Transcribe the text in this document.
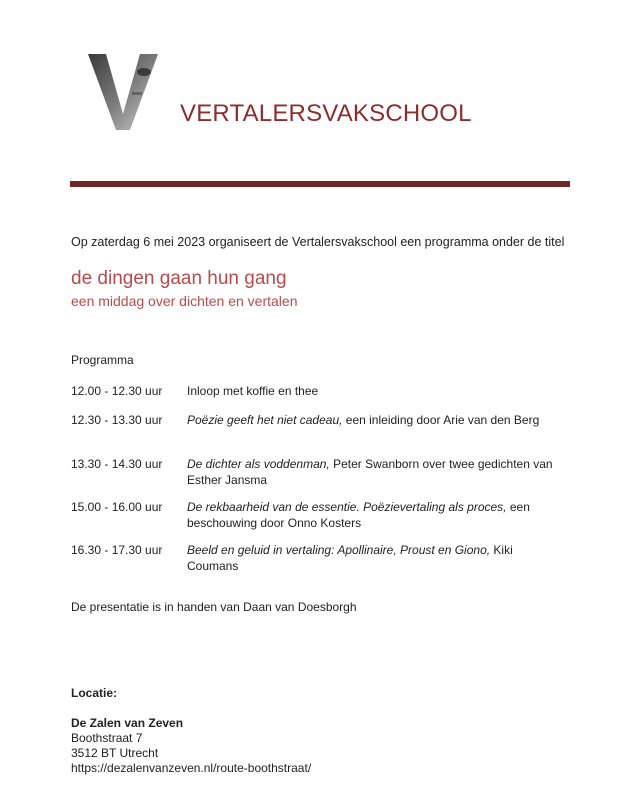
VERTALERSVAKSCHOOL
Op zaterdag 6 mei 2023 organiseert de Vertalersvakschool een programma onder de titel
de dingen gaan hun gang
een middag over dichten en vertalen
Programma
12.00 - 12.30 uur	Inloop met koffie en thee
12.30 - 13.30 uur	Poëzie geeft het niet cadeau, een inleiding door Arie van den Berg
13.30 - 14.30 uur	De dichter als voddenman, Peter Swanborn over twee gedichten van Esther Jansma
15.00 - 16.00 uur	De rekbaarheid van de essentie. Poëzievertaling als proces, een beschouwing door Onno Kosters
16.30 - 17.30 uur	Beeld en geluid in vertaling: Apollinaire, Proust en Giono, Kiki Coumans
De presentatie is in handen van Daan van Doesborgh
Locatie:
De Zalen van Zeven
Boothstraat 7
3512 BT Utrecht
https://dezalenvanzeven.nl/route-boothstraat/
